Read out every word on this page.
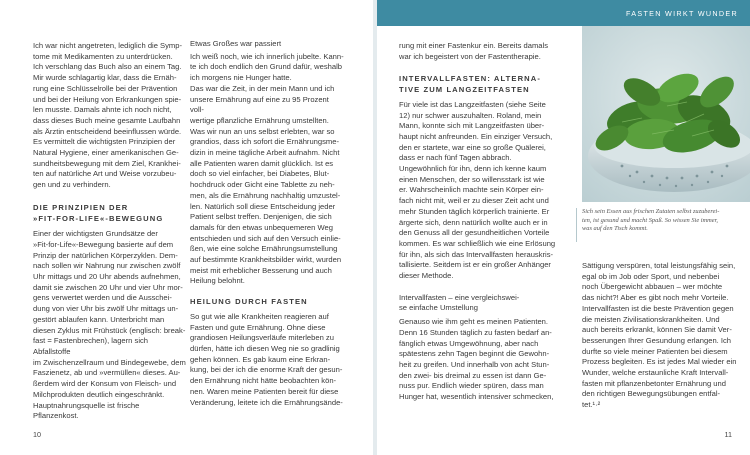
Ich war nicht angetreten, lediglich die Symp-

tome mit Medikamenten zu unterdrücken.

Ich verschlang das Buch also an einem Tag.

Mir wurde schlagartig klar, dass die Ernäh-

rung eine Schlüsselrolle bei der Prävention

und bei der Heilung von Erkrankungen spie-

len musste. Damals ahnte ich noch nicht,

dass dieses Buch meine gesamte Laufbahn

als Ärztin entscheidend beeinflussen würde.

Es vermittelt die wichtigsten Prinzipien der

Natural Hygiene, einer amerikanischen Ge-

sundheitsbewegung mit dem Ziel, Krankhei-

ten auf natürliche Art und Weise vorzubeu-

gen und zu verhindern.

DIE PRINZIPIEN DER

»FIT-FOR-LIFE«-BEWEGUNG

Einer der wichtigsten Grundsätze der

»Fit-for-Life«-Bewegung basierte auf dem

Prinzip der natürlichen Körperzyklen. Dem-

nach sollen wir Nahrung nur zwischen zwölf

Uhr mittags und 20 Uhr abends aufnehmen,

damit sie zwischen 20 Uhr und vier Uhr mor-

gens verwertet werden und die Ausschei-

dung von vier Uhr bis zwölf Uhr mittags un-

gestört ablaufen kann. Unterbricht man

diesen Zyklus mit Frühstück (englisch: break-

fast = Fastenbrechen), lagern sich Abfallstoffe

im Zwischenzellraum und Bindegewebe, dem

Faszienetz, ab und »vermüllen« dieses. Au-

ßerdem wird der Konsum von Fleisch- und

Milchprodukten deutlich eingeschränkt.

Hauptnahrungsquelle ist frische Pflanzenkost.

Etwas Großes war passiert

Ich weiß noch, wie ich innerlich jubelte. Kann-

te ich doch endlich den Grund dafür, weshalb

ich morgens nie Hunger hatte.

Das war die Zeit, in der mein Mann und ich

unsere Ernährung auf eine zu 95 Prozent voll-

wertige pflanzliche Ernährung umstellten.

Was wir nun an uns selbst erlebten, war so

grandios, dass ich sofort die Ernährungsme-

dizin in meine tägliche Arbeit aufnahm. Nicht

alle Patienten waren damit glücklich. Ist es

doch so viel einfacher, bei Diabetes, Blut-

hochdruck oder Gicht eine Tablette zu neh-

men, als die Ernährung nachhaltig umzustel-

len. Natürlich soll diese Entscheidung jeder

Patient selbst treffen. Denjenigen, die sich

damals für den etwas unbequemeren Weg

entschieden und sich auf den Versuch einlie-

ßen, wie eine solche Ernährungsumstellung

auf bestimmte Krankheitsbilder wirkt, wurden

meist mit erheblicher Besserung und auch

Heilung belohnt.

HEILUNG DURCH FASTEN

So gut wie alle Krankheiten reagieren auf

Fasten und gute Ernährung. Ohne diese

grandiosen Heilungsverläufe miterleben zu

dürfen, hätte ich diesen Weg nie so gradlinig

gehen können. Es gab kaum eine Erkran-

kung, bei der ich die enorme Kraft der gesun-

den Ernährung nicht hätte beobachten kön-

nen. Waren meine Patienten bereit für diese

Veränderung, leitete ich die Ernährungsände-

10
FASTEN WIRKT WUNDER

rung mit einer Fastenkur ein. Bereits damals

war ich begeistert von der Fastentherapie.

INTERVALLFASTEN: ALTERNA-

TIVE ZUM LANGZEITFASTEN

Für viele ist das Langzeitfasten (siehe Seite

12) nur schwer auszuhalten. Roland, mein

Mann, konnte sich mit Langzeitfasten über-

haupt nicht anfreunden. Ein einziger Versuch,

den er startete, war eine so große Quälerei,

dass er nach fünf Tagen abbrach.

Ungewöhnlich für ihn, denn ich kenne kaum

einen Menschen, der so willensstark ist wie

er. Wahrscheinlich machte sein Körper ein-

fach nicht mit, weil er zu dieser Zeit acht und

mehr Stunden täglich körperlich trainierte. Er

ärgerte sich, denn natürlich wollte auch er in

den Genuss all der gesundheitlichen Vorteile

kommen. Es war schließlich wie eine Erlösung

für ihn, als sich das Intervallfasten herauskris-

tallisierte. Seitdem ist er ein großer Anhänger

dieser Methode.

Intervallfasten – eine vergleichswei-

se einfache Umstellung

Genauso wie ihm geht es meinen Patienten.

Denn 16 Stunden täglich zu fasten bedarf an-

fänglich etwas Umgewöhnung, aber nach

spätestens zehn Tagen beginnt die Gewohn-

heit zu greifen. Und innerhalb von acht Stun-

den zwei- bis dreimal zu essen ist dann Ge-

nuss pur. Endlich wieder spüren, dass man

Hunger hat, wesentlich intensiver schmecken,

Sich sein Essen aus frischen Zutaten selbst zuzuberei-
ten, ist gesund und macht Spaß. So wissen Sie immer,
was auf den Tisch kommt.

Sättigung verspüren, total leistungsfähig sein,

egal ob im Job oder Sport, und nebenbei

noch Übergewicht abbauen – wer möchte

das nicht?! Aber es gibt noch mehr Vorteile.

Intervallfasten ist die beste Prävention gegen

die meisten Zivilisationskrankheiten. Und

auch bereits erkrankt, können Sie damit Ver-

besserungen Ihrer Gesundung erlangen. Ich

durfte so viele meiner Patienten bei diesem

Prozess begleiten. Es ist jedes Mal wieder ein

Wunder, welche erstaunliche Kraft Intervall-

fasten mit pflanzenbetonter Ernährung und

den richtigen Bewegungsübungen entfal-

tet.¹·²

11
